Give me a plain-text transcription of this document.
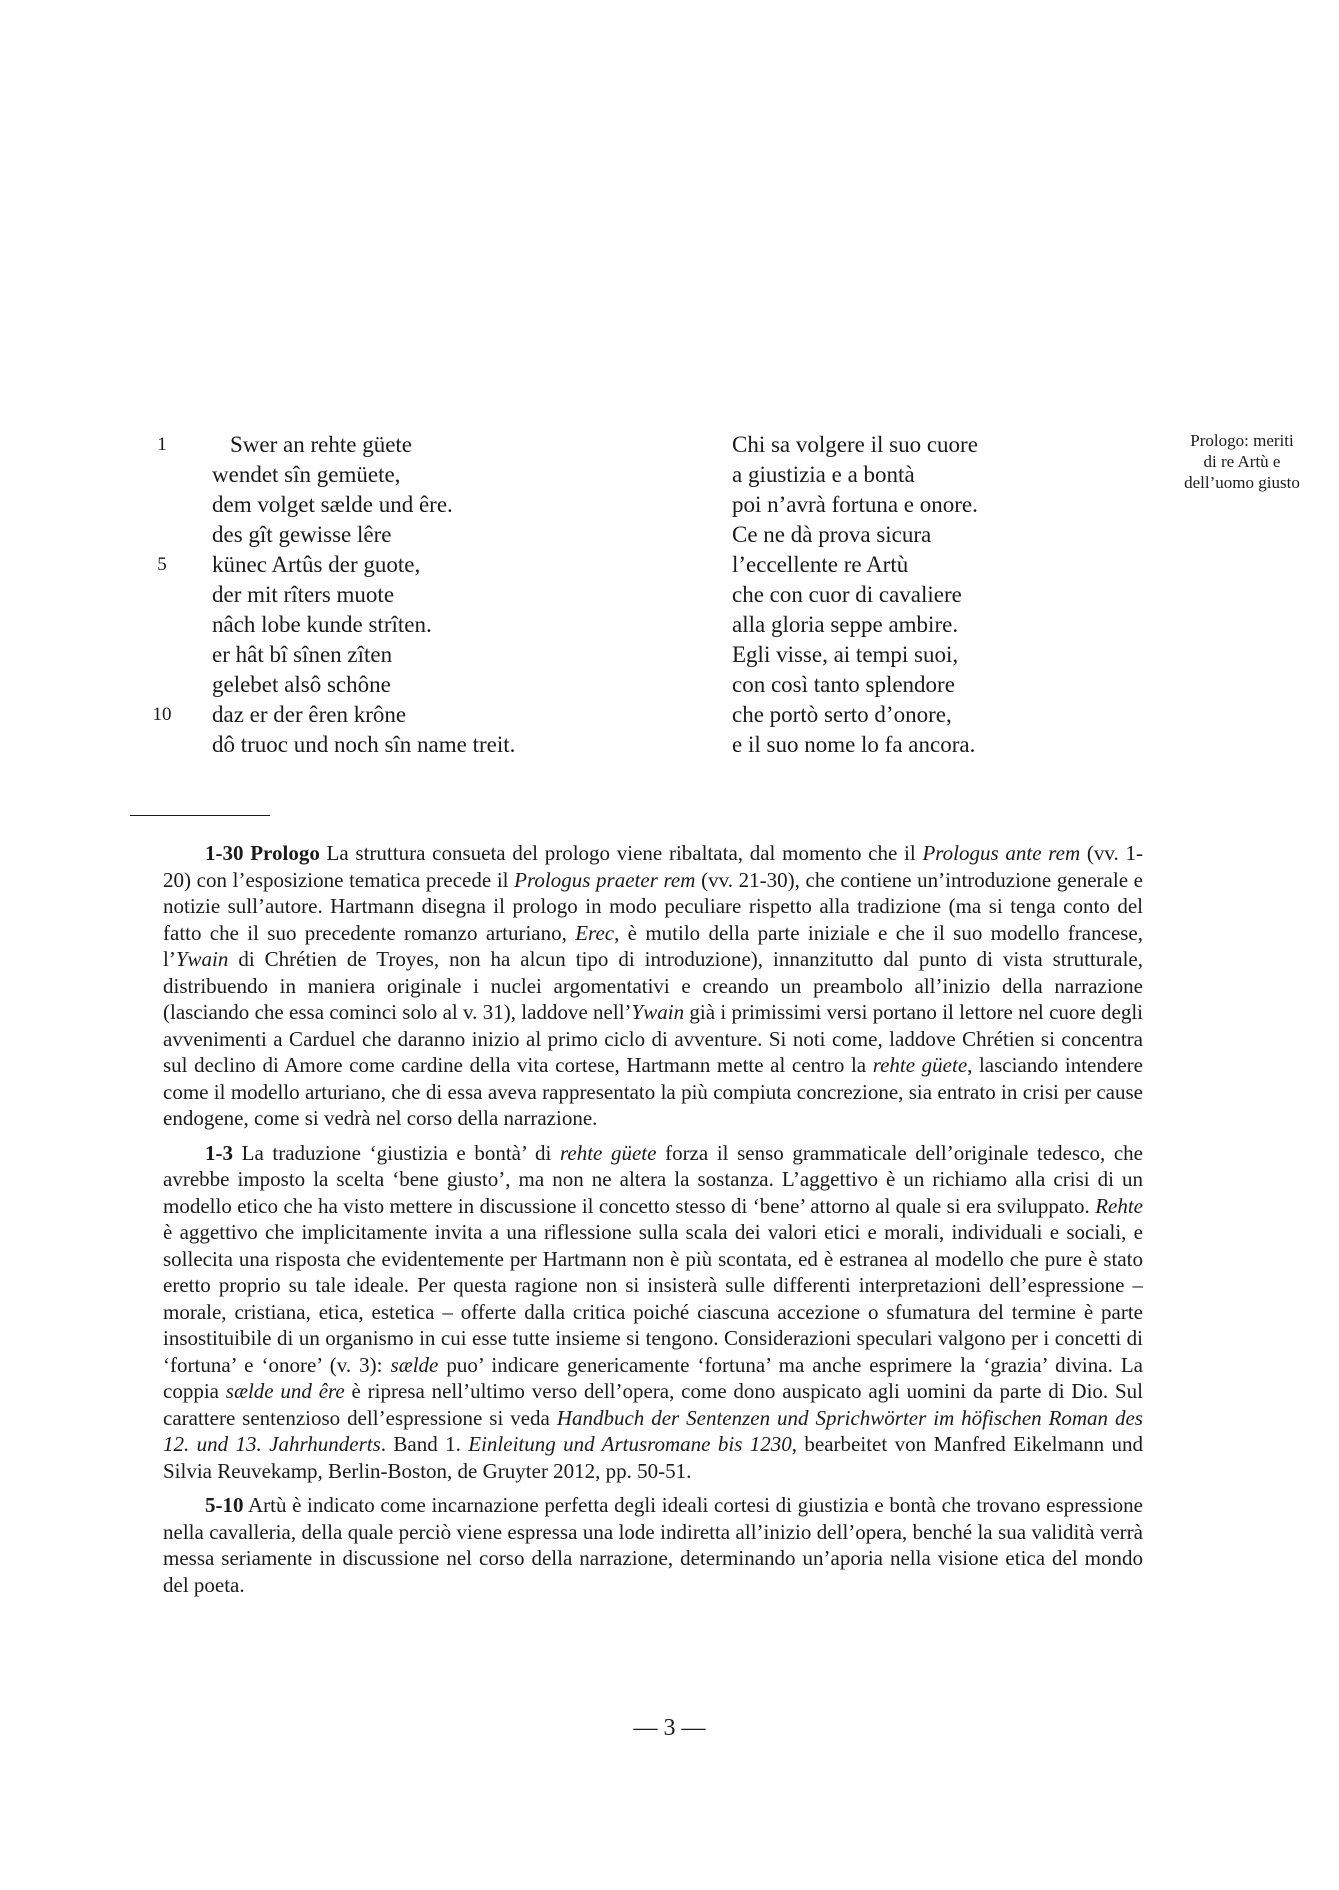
1	Swer an rehte güete	Chi sa volgere il suo cuore
wendet sîn gemüete,	a giustizia e a bontà
dem volget sælde und êre.	poi n’avrà fortuna e onore.
des gît gewisse lêre	Ce ne dà prova sicura
5	künec Artûs der guote,	l’eccellente re Artù
der mit rîters muote	che con cuor di cavaliere
nâch lobe kunde strîten.	alla gloria seppe ambire.
er hât bî sînen zîten	Egli visse, ai tempi suoi,
gelebet alsô schône	con così tanto splendore
10	daz er der êren krône	che portò serto d’onore,
dô truoc und noch sîn name treit.	e il suo nome lo fa ancora.
Prologo: meriti
di re Artù e
dell’uomo giusto

1-30 Prologo La struttura consueta del prologo viene ribaltata, dal momento che il Prologus ante rem (vv. 1-20) con l’esposizione tematica precede il Prologus praeter rem (vv. 21-30), che contiene un’introduzione generale e notizie sull’autore. Hartmann disegna il prologo in modo peculiare rispetto alla tradizione (ma si tenga conto del fatto che il suo precedente romanzo arturiano, Erec, è mutilo della parte iniziale e che il suo modello francese, l’Ywain di Chrétien de Troyes, non ha alcun tipo di introduzione), innanzitutto dal punto di vista strutturale, distribuendo in maniera originale i nuclei argomentativi e creando un preambolo all’inizio della narrazione (lasciando che essa cominci solo al v. 31), laddove nell’Ywain già i primissimi versi portano il lettore nel cuore degli avvenimenti a Carduel che daranno inizio al primo ciclo di avventure. Si noti come, laddove Chrétien si concentra sul declino di Amore come cardine della vita cortese, Hartmann mette al centro la rehte güete, lasciando intendere come il modello arturiano, che di essa aveva rappresentato la più compiuta concrezione, sia entrato in crisi per cause endogene, come si vedrà nel corso della narrazione.

1-3 La traduzione ‘giustizia e bontà’ di rehte güete forza il senso grammaticale dell’originale tedesco, che avrebbe imposto la scelta ‘bene giusto’, ma non ne altera la sostanza. L’aggettivo è un richiamo alla crisi di un modello etico che ha visto mettere in discussione il concetto stesso di ‘bene’ attorno al quale si era sviluppato. Rehte è aggettivo che implicitamente invita a una riflessione sulla scala dei valori etici e morali, individuali e sociali, e sollecita una risposta che evidentemente per Hartmann non è più scontata, ed è estranea al modello che pure è stato eretto proprio su tale ideale. Per questa ragione non si insisterà sulle differenti interpretazioni dell’espressione – morale, cristiana, etica, estetica – offerte dalla critica poiché ciascuna accezione o sfumatura del termine è parte insostituibile di un organismo in cui esse tutte insieme si tengono. Considerazioni speculari valgono per i concetti di ‘fortuna’ e ‘onore’ (v. 3): sælde puo’ indicare genericamente ‘fortuna’ ma anche esprimere la ‘grazia’ divina. La coppia sælde und êre è ripresa nell’ultimo verso dell’opera, come dono auspicato agli uomini da parte di Dio. Sul carattere sentenzioso dell’espressione si veda Handbuch der Sentenzen und Sprichwörter im höfischen Roman des 12. und 13. Jahrhunderts. Band 1. Einleitung und Artusromane bis 1230, bearbeitet von Manfred Eikelmann und Silvia Reuvekamp, Berlin-Boston, de Gruyter 2012, pp. 50-51.

5-10 Artù è indicato come incarnazione perfetta degli ideali cortesi di giustizia e bontà che trovano espressione nella cavalleria, della quale perciò viene espressa una lode indiretta all’inizio dell’opera, benché la sua validità verrà messa seriamente in discussione nel corso della narrazione, determinando un’aporia nella visione etica del mondo del poeta.

— 3 —
